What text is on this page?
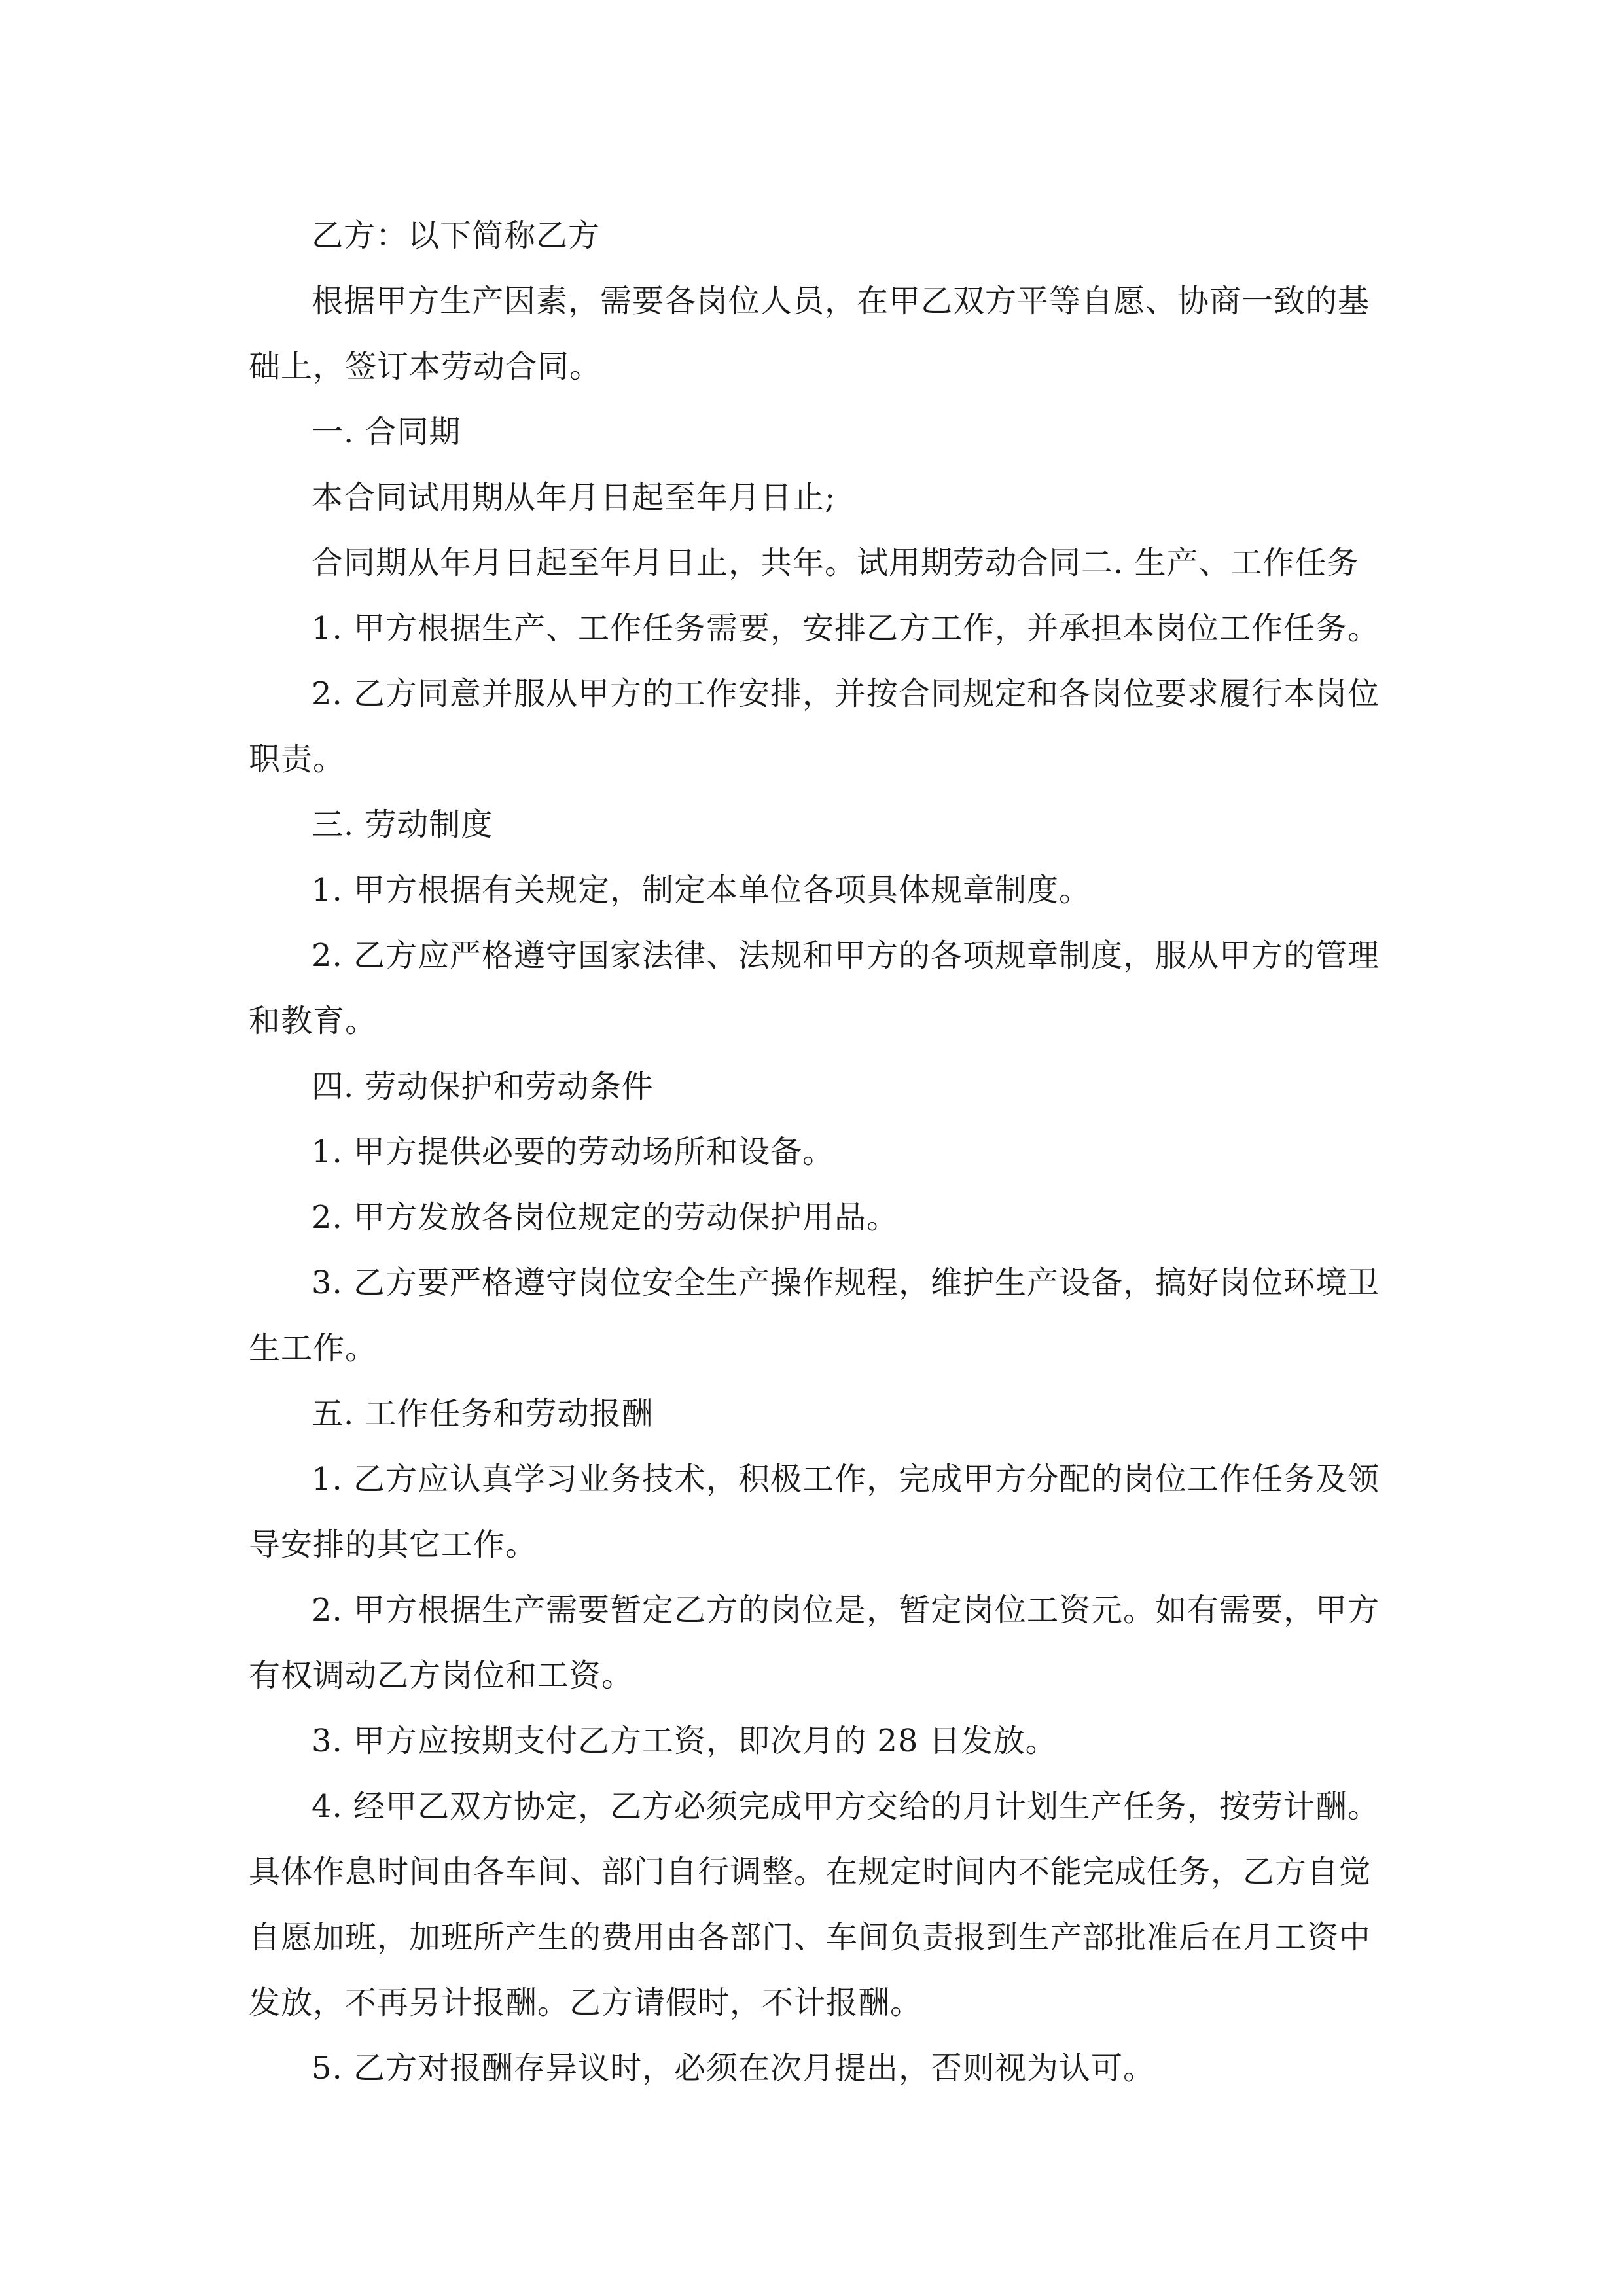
乙方：以下简称乙方

根据甲方生产因素，需要各岗位人员，在甲乙双方平等自愿、协商一致的基础上，签订本劳动合同。

一. 合同期

本合同试用期从年月日起至年月日止;

合同期从年月日起至年月日止，共年。试用期劳动合同二. 生产、工作任务

1. 甲方根据生产、工作任务需要，安排乙方工作，并承担本岗位工作任务。

2. 乙方同意并服从甲方的工作安排，并按合同规定和各岗位要求履行本岗位职责。

三. 劳动制度

1. 甲方根据有关规定，制定本单位各项具体规章制度。

2. 乙方应严格遵守国家法律、法规和甲方的各项规章制度，服从甲方的管理和教育。

四. 劳动保护和劳动条件

1. 甲方提供必要的劳动场所和设备。

2. 甲方发放各岗位规定的劳动保护用品。

3. 乙方要严格遵守岗位安全生产操作规程，维护生产设备，搞好岗位环境卫生工作。

五. 工作任务和劳动报酬

1. 乙方应认真学习业务技术，积极工作，完成甲方分配的岗位工作任务及领导安排的其它工作。

2. 甲方根据生产需要暂定乙方的岗位是，暂定岗位工资元。如有需要，甲方有权调动乙方岗位和工资。

3. 甲方应按期支付乙方工资，即次月的 28 日发放。

4. 经甲乙双方协定，乙方必须完成甲方交给的月计划生产任务，按劳计酬。具体作息时间由各车间、部门自行调整。在规定时间内不能完成任务，乙方自觉自愿加班，加班所产生的费用由各部门、车间负责报到生产部批准后在月工资中发放，不再另计报酬。乙方请假时，不计报酬。

5. 乙方对报酬存异议时，必须在次月提出，否则视为认可。
